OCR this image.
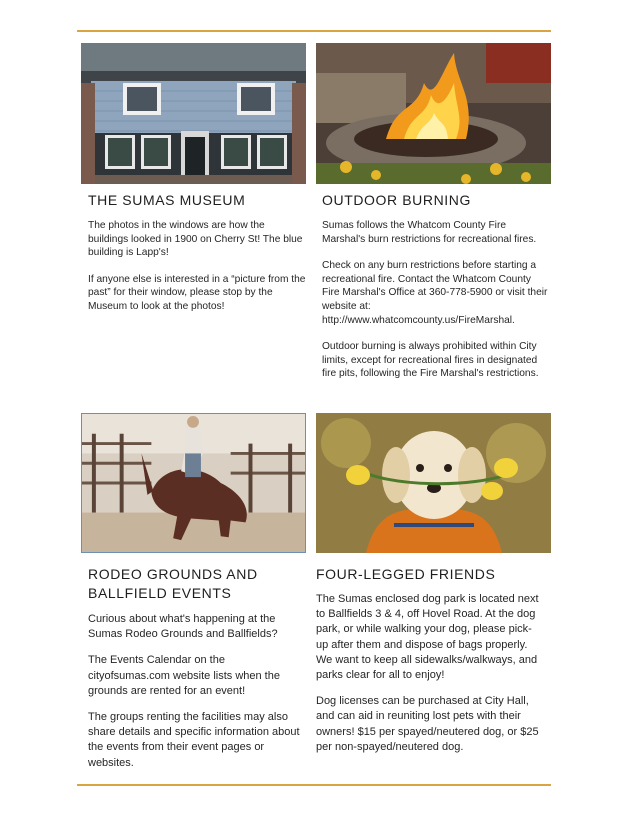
THE SUMAS MUSEUM

The photos in the windows are how the buildings looked in 1900 on Cherry St! The blue building is Lapp's!

If anyone else is interested in a “picture from the past” for their window, please stop by the Museum to look at the photos!

OUTDOOR BURNING

Sumas follows the Whatcom County Fire Marshal's burn restrictions for recreational fires.

Check on any burn restrictions before starting a recreational fire. Contact the Whatcom County Fire Marshal's Office at 360-778-5900 or visit their website at: http://www.whatcomcounty.us/FireMarshal.

Outdoor burning is always prohibited within City limits, except for recreational fires in designated fire pits, following the Fire Marshal's restrictions.

RODEO GROUNDS AND
BALLFIELD EVENTS

Curious about what's happening at the Sumas Rodeo Grounds and Ballfields?

The Events Calendar on the cityofsumas.com website lists when the grounds are rented for an event!

The groups renting the facilities may also share details and specific information about the events from their event pages or websites.

FOUR-LEGGED FRIENDS

The Sumas enclosed dog park is located next to Ballfields 3 & 4, off Hovel Road. At the dog park, or while walking your dog, please pick-up after them and dispose of bags properly. We want to keep all sidewalks/walkways, and parks clear for all to enjoy!

Dog licenses can be purchased at City Hall, and can aid in reuniting lost pets with their owners! $15 per spayed/neutered dog, or $25 per non-spayed/neutered dog.
